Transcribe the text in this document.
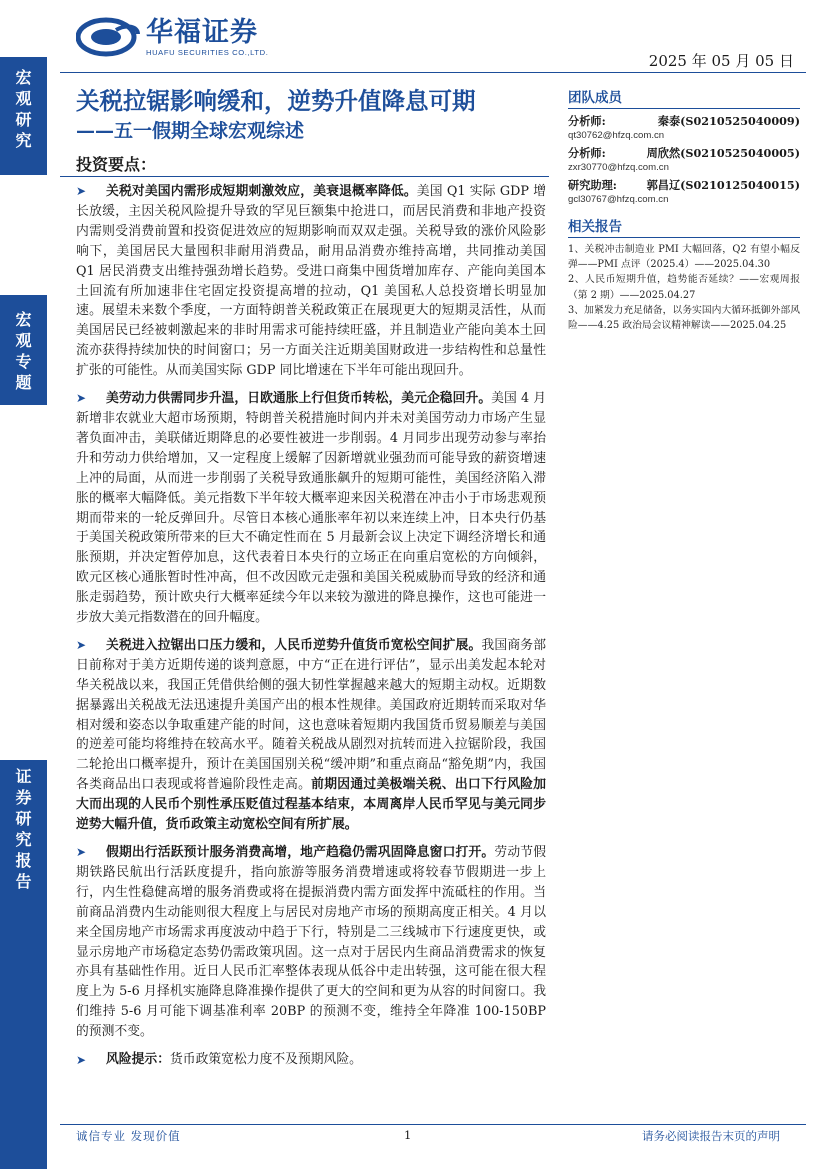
华福证券
HUAFU SECURITIES CO.,LTD.	2025 年 05 月 05 日
宏
观
研
究
宏
观
专
题
证
券
研
究
报
告
关税拉锯影响缓和，逆势升值降息可期
——五一假期全球宏观综述
投资要点：
➤ 关税对美国内需形成短期刺激效应，美衰退概率降低。美国 Q1 实际 GDP 增长放缓，主因关税风险提升导致的罕见巨额集中抢进口，而居民消费和非地产投资内需则受消费前置和投资促进效应的短期影响而双双走强。关税导致的涨价风险影响下，美国居民大量囤积非耐用消费品，耐用品消费亦维持高增，共同推动美国 Q1 居民消费支出维持强劲增长趋势。受进口商集中囤货增加库存、产能向美国本土回流有所加速非住宅固定投资提高增的拉动，Q1 美国私人总投资增长明显加速。展望未来数个季度，一方面特朗普关税政策正在展现更大的短期灵活性，从而美国居民已经被刺激起来的非时用需求可能持续旺盛，并且制造业产能向美本土回流亦获得持续加快的时间窗口；另一方面关注近期美国财政进一步结构性和总量性扩张的可能性。从而美国实际 GDP 同比增速在下半年可能出现回升。
➤ 美劳动力供需同步升温，日欧通胀上行但货币转松，美元企稳回升。美国 4 月新增非农就业大超市场预期，特朗普关税措施时间内并未对美国劳动力市场产生显著负面冲击，美联储近期降息的必要性被进一步削弱。4 月同步出现劳动参与率抬升和劳动力供给增加，又一定程度上缓解了因新增就业强劲而可能导致的薪资增速上冲的局面，从而进一步削弱了关税导致通胀飙升的短期可能性，美国经济陷入滞胀的概率大幅降低。美元指数下半年较大概率迎来因关税潜在冲击小于市场悲观预期而带来的一轮反弹回升。尽管日本核心通胀率年初以来连续上冲，日本央行仍基于美国关税政策所带来的巨大不确定性而在 5 月最新会议上决定下调经济增长和通胀预期，并决定暂停加息，这代表着日本央行的立场正在向重启宽松的方向倾斜，欧元区核心通胀暂时性冲高，但不改因欧元走强和美国关税威胁而导致的经济和通胀走弱趋势，预计欧央行大概率延续今年以来较为激进的降息操作，这也可能进一步放大美元指数潜在的回升幅度。
➤ 关税进入拉锯出口压力缓和，人民币逆势升值货币宽松空间扩展。我国商务部日前称对于美方近期传递的谈判意愿，中方“正在进行评估”，显示出美发起本轮对华关税战以来，我国正凭借供给侧的强大韧性掌握越来越大的短期主动权。近期数据暴露出关税战无法迅速提升美国产出的根本性规律。美国政府近期转而采取对华相对缓和姿态以争取重建产能的时间，这也意味着短期内我国货币贸易顺差与美国的逆差可能均将维持在较高水平。随着关税战从剧烈对抗转而进入拉锯阶段，我国二轮抢出口概率提升，预计在美国国别关税“缓冲期”和重点商品“豁免期”内，我国各类商品出口表现或将普遍阶段性走高。前期因通过美极端关税、出口下行风险加大而出现的人民币个别性承压贬值过程基本结束，本周离岸人民币罕见与美元同步逆势大幅升值，货币政策主动宽松空间有所扩展。
➤ 假期出行活跃预计服务消费高增，地产趋稳仍需巩固降息窗口打开。劳动节假期铁路民航出行活跃度提升，指向旅游等服务消费增速或将较春节假期进一步上行，内生性稳健高增的服务消费或将在提振消费内需方面发挥中流砥柱的作用。当前商品消费内生动能则很大程度上与居民对房地产市场的预期高度正相关。4 月以来全国房地产市场需求再度波动中趋于下行，特别是二三线城市下行速度更快，或显示房地产市场稳定态势仍需政策巩固。这一点对于居民内生商品消费需求的恢复亦具有基础性作用。近日人民币汇率整体表现从低谷中走出转强，这可能在很大程度上为 5-6 月择机实施降息降准操作提供了更大的空间和更为从容的时间窗口。我们维持 5-6 月可能下调基准利率 20BP 的预测不变，维持全年降准 100-150BP 的预测不变。
➤ 风险提示：货币政策宽松力度不及预期风险。
团队成员
分析师:	秦泰(S0210525040009)
qt30762@hfzq.com.cn
分析师:	周欣然(S0210525040005)
zxr30770@hfzq.com.cn
研究助理:	郭昌辽(S0210125040015)
gcl30767@hfzq.com.cn
相关报告
1、关税冲击制造业 PMI 大幅回落，Q2 有望小幅反弹——PMI 点评（2025.4）——2025.04.30
2、人民币短期升值，趋势能否延续？——宏观周报（第 2 期）——2025.04.27
3、加紧发力充足储备，以务实国内大循环抵御外部风险——4.25 政治局会议精神解读——2025.04.25
诚信专业 发现价值	1	请务必阅读报告末页的声明
